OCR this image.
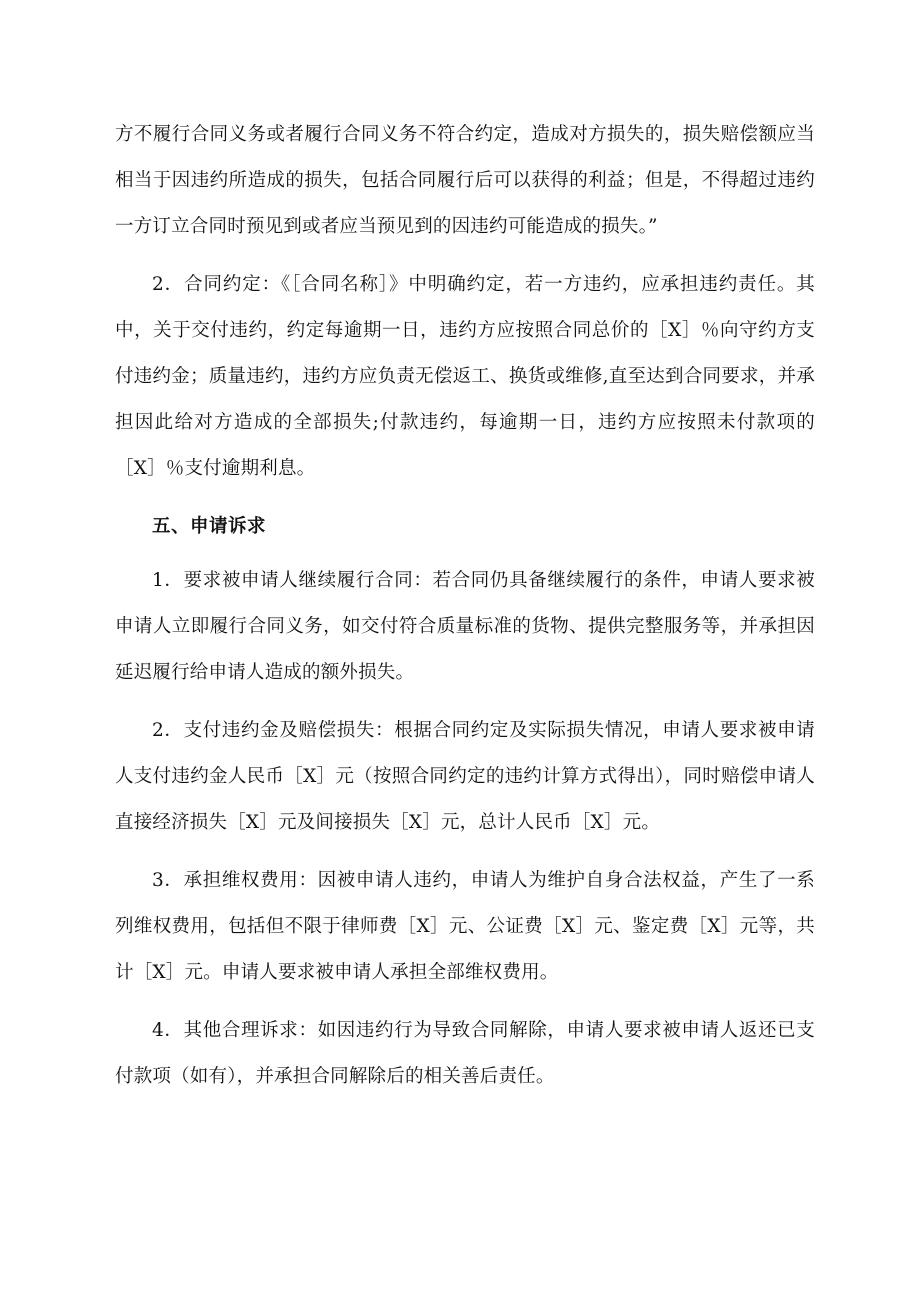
方不履行合同义务或者履行合同义务不符合约定，造成对方损失的，损失赔偿额应当相当于因违约所造成的损失，包括合同履行后可以获得的利益；但是，不得超过违约一方订立合同时预见到或者应当预见到的因违约可能造成的损失。”

2．合同约定：《［合同名称］》中明确约定，若一方违约，应承担违约责任。其中，关于交付违约，约定每逾期一日，违约方应按照合同总价的［X］％向守约方支付违约金；质量违约，违约方应负责无偿返工、换货或维修,直至达到合同要求，并承担因此给对方造成的全部损失;付款违约，每逾期一日，违约方应按照未付款项的［X］％支付逾期利息。

五、申请诉求

1．要求被申请人继续履行合同：若合同仍具备继续履行的条件，申请人要求被申请人立即履行合同义务，如交付符合质量标准的货物、提供完整服务等，并承担因延迟履行给申请人造成的额外损失。

2．支付违约金及赔偿损失：根据合同约定及实际损失情况，申请人要求被申请人支付违约金人民币［X］元（按照合同约定的违约计算方式得出），同时赔偿申请人直接经济损失［X］元及间接损失［X］元，总计人民币［X］元。

3．承担维权费用：因被申请人违约，申请人为维护自身合法权益，产生了一系列维权费用，包括但不限于律师费［X］元、公证费［X］元、鉴定费［X］元等，共计［X］元。申请人要求被申请人承担全部维权费用。

4．其他合理诉求：如因违约行为导致合同解除，申请人要求被申请人返还已支付款项（如有），并承担合同解除后的相关善后责任。
